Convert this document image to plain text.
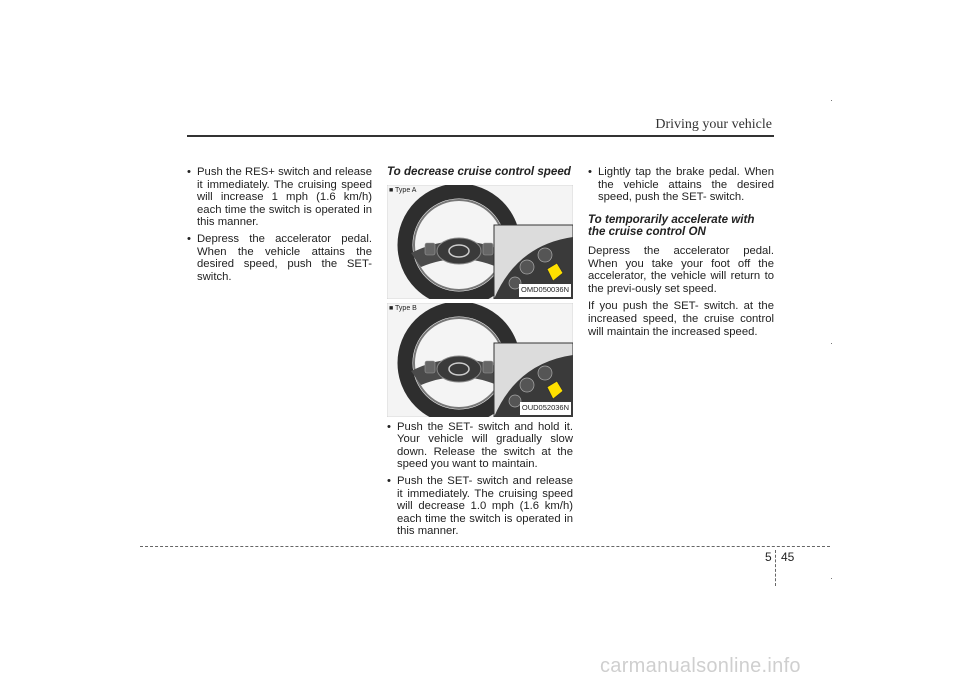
Driving your vehicle
• Push the RES+ switch and release it immediately. The cruising speed will increase 1 mph (1.6 km/h) each time the switch is operated in this manner.
• Depress the accelerator pedal. When the vehicle attains the desired speed, push the SET- switch.

To decrease cruise control speed

■ Type A
OMD050036N
■ Type B
OUD052036N
• Push the SET- switch and hold it. Your vehicle will gradually slow down. Release the switch at the speed you want to maintain.
• Push the SET- switch and release it immediately. The cruising speed will decrease 1.0 mph (1.6 km/h) each time the switch is operated in this manner.
• Lightly tap the brake pedal. When the vehicle attains the desired speed, push the SET- switch.

To temporarily accelerate with the cruise control ON

Depress the accelerator pedal. When you take your foot off the accelerator, the vehicle will return to the previ-ously set speed.

If you push the SET- switch. at the increased speed, the cruise control will maintain the increased speed.

5 45
carmanualsonline.info
